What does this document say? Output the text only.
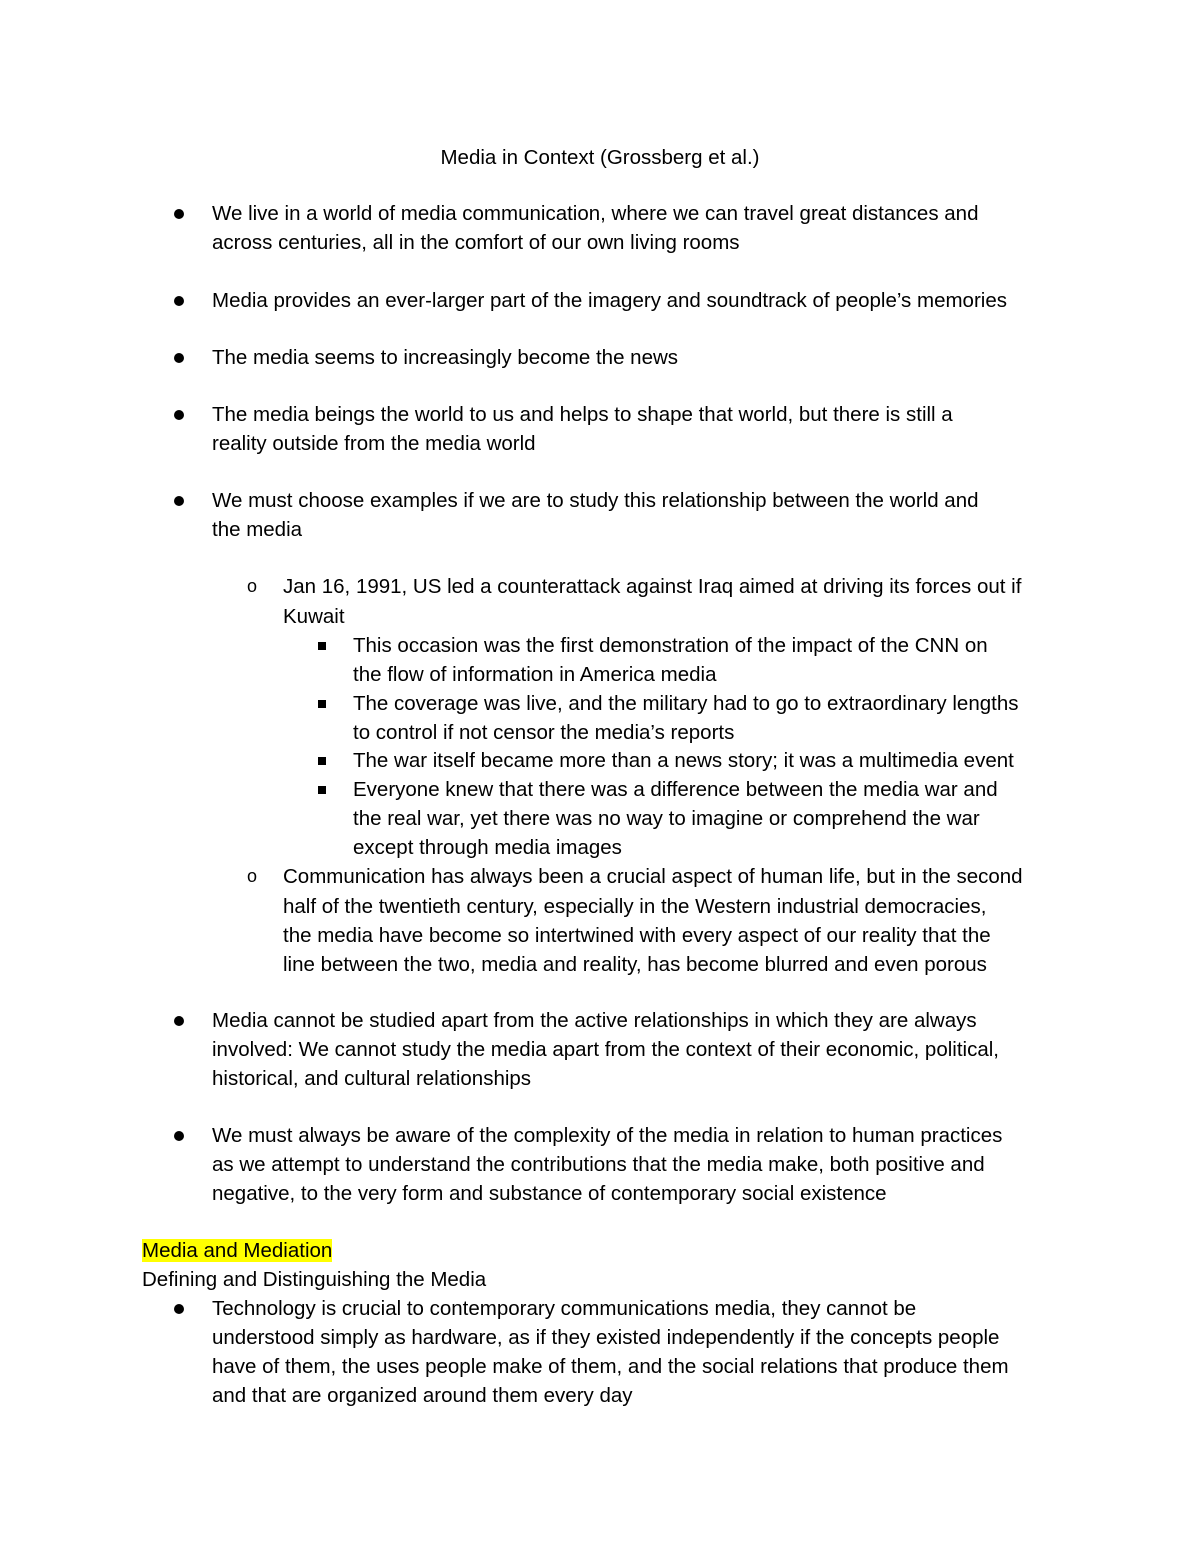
Media in Context (Grossberg et al.)
We live in a world of media communication, where we can travel great distances and
across centuries, all in the comfort of our own living rooms
Media provides an ever-larger part of the imagery and soundtrack of people’s memories
The media seems to increasingly become the news
The media beings the world to us and helps to shape that world, but there is still a
reality outside from the media world
We must choose examples if we are to study this relationship between the world and
the media
o Jan 16, 1991, US led a counterattack against Iraq aimed at driving its forces out if
Kuwait
This occasion was the first demonstration of the impact of the CNN on
the flow of information in America media
The coverage was live, and the military had to go to extraordinary lengths
to control if not censor the media’s reports
The war itself became more than a news story; it was a multimedia event
Everyone knew that there was a difference between the media war and
the real war, yet there was no way to imagine or comprehend the war
except through media images
o Communication has always been a crucial aspect of human life, but in the second
half of the twentieth century, especially in the Western industrial democracies,
the media have become so intertwined with every aspect of our reality that the
line between the two, media and reality, has become blurred and even porous
Media cannot be studied apart from the active relationships in which they are always
involved: We cannot study the media apart from the context of their economic, political,
historical, and cultural relationships
We must always be aware of the complexity of the media in relation to human practices
as we attempt to understand the contributions that the media make, both positive and
negative, to the very form and substance of contemporary social existence
Media and Mediation
Defining and Distinguishing the Media
Technology is crucial to contemporary communications media, they cannot be
understood simply as hardware, as if they existed independently if the concepts people
have of them, the uses people make of them, and the social relations that produce them
and that are organized around them every day
